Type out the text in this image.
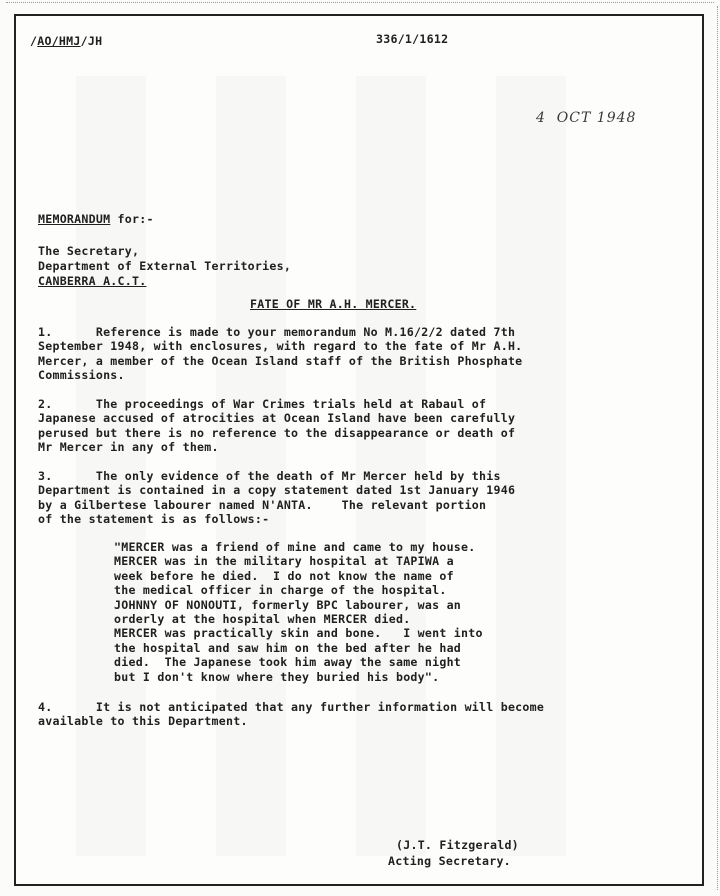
/AO/HMJ/JH	336/1/1612
4  OCT 1948
MEMORANDUM for:-
The Secretary,
Department of External Territories,
CANBERRA A.C.T.
FATE OF MR A.H. MERCER.
1.      Reference is made to your memorandum No M.16/2/2 dated 7th
September 1948, with enclosures, with regard to the fate of Mr A.H.
Mercer, a member of the Ocean Island staff of the British Phosphate
Commissions.
2.      The proceedings of War Crimes trials held at Rabaul of
Japanese accused of atrocities at Ocean Island have been carefully
perused but there is no reference to the disappearance or death of
Mr Mercer in any of them.
3.      The only evidence of the death of Mr Mercer held by this
Department is contained in a copy statement dated 1st January 1946
by a Gilbertese labourer named N'ANTA.    The relevant portion
of the statement is as follows:-
"MERCER was a friend of mine and came to my house.
MERCER was in the military hospital at TAPIWA a
week before he died.  I do not know the name of
the medical officer in charge of the hospital.
JOHNNY OF NONOUTI, formerly BPC labourer, was an
orderly at the hospital when MERCER died.
MERCER was practically skin and bone.   I went into
the hospital and saw him on the bed after he had
died.  The Japanese took him away the same night
but I don't know where they buried his body".
4.      It is not anticipated that any further information will become
available to this Department.
(J.T. Fitzgerald)
Acting Secretary.
